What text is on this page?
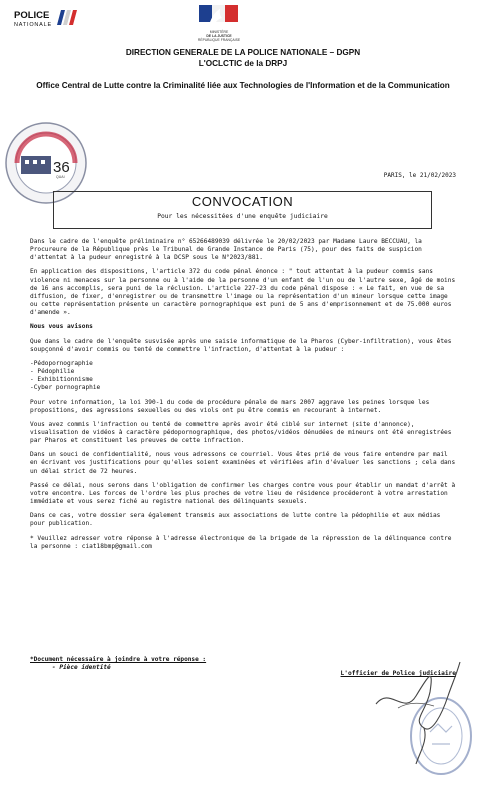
POLICE
NATIONALE
MINISTÈRE
DE LA JUSTICE
RÉPUBLIQUE FRANÇAISE
DIRECTION GENERALE DE LA POLICE NATIONALE – DGPN
L'OCLCTIC de la DRPJ
Office Central de Lutte contre la Criminalité liée aux Technologies de l'Information et de la Communication
36
QUAI	PARIS, le 21/02/2023
CONVOCATION
Pour les nécessitées d'une enquête judiciaire

Dans le cadre de l'enquête préliminaire n° 65266489039 délivrée le 20/02/2023 par Madame Laure BECCUAU, la Procureure de la République près le Tribunal de Grande Instance de Paris (75), pour des faits de suspicion d'attentat à la pudeur enregistré à la DCSP sous le N°2023/881.

En application des dispositions, l'article 372 du code pénal énonce : " tout attentat à la pudeur commis sans violence ni menaces sur la personne ou à l'aide de la personne d'un enfant de l'un ou de l'autre sexe, âgé de moins de 16 ans accomplis, sera puni de la réclusion. L'article 227-23 du code pénal dispose : « Le fait, en vue de sa diffusion, de fixer, d'enregistrer ou de transmettre l'image ou la représentation d'un mineur lorsque cette image ou cette représentation présente un caractère pornographique est puni de 5 ans d'emprisonnement et de 75.000 euros d'amende ».

Nous vous avisons

Que dans le cadre de l'enquête susvisée après une saisie informatique de la Pharos (Cyber-infiltration), vous êtes soupçonné d'avoir commis ou tenté de commettre l'infraction, d'attentat à la pudeur :

-Pédopornographie
- Pédophilie
- Exhibitionnisme
-Cyber pornographie

Pour votre information, la loi 390-1 du code de procédure pénale de mars 2007 aggrave les peines lorsque les propositions, des agressions sexuelles ou des viols ont pu être commis en recourant à internet.

Vous avez commis l'infraction ou tenté de commettre après avoir été ciblé sur internet (site d'annonce), visualisation de vidéos à caractère pédopornographique, des photos/vidéos dénudées de mineurs ont été enregistrées par Pharos et constituent les preuves de cette infraction.

Dans un souci de confidentialité, nous vous adressons ce courriel. Vous êtes prié de vous faire entendre par mail en écrivant vos justifications pour qu'elles soient examinées et vérifiées afin d'évaluer les sanctions ; cela dans un délai strict de 72 heures.

Passé ce délai, nous serons dans l'obligation de confirmer les charges contre vous pour établir un mandat d'arrêt à votre encontre. Les forces de l'ordre les plus proches de votre lieu de résidence procéderont à votre arrestation immédiate et vous serez fiché au registre national des délinquants sexuels.

Dans ce cas, votre dossier sera également transmis aux associations de lutte contre la pédophilie et aux médias pour publication.

* Veuillez adresser votre réponse à l'adresse électronique de la brigade de la répression de la délinquance contre la personne : ciat18bmp@gmail.com

*Document nécessaire à joindre à votre réponse :
- Pièce identité
L'officier de Police judiciaire
